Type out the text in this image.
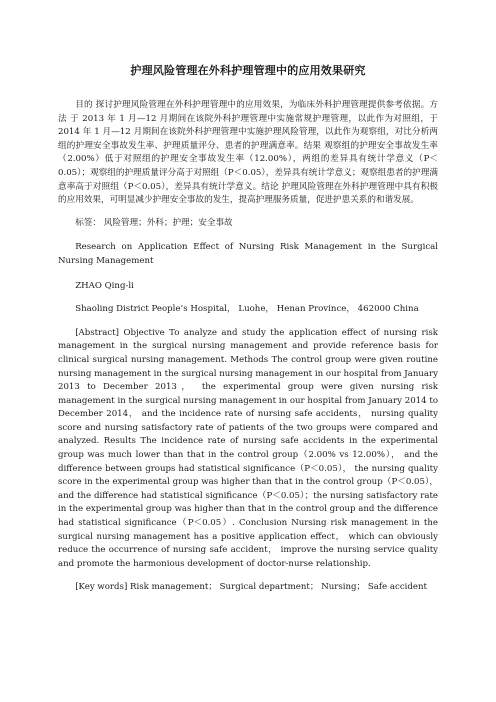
护理风险管理在外科护理管理中的应用效果研究

目的 探讨护理风险管理在外科护理管理中的应用效果，为临床外科护理管理提供参考依据。方法 于 2013 年 1 月—12 月期间在该院外科护理管理中实施常规护理管理，以此作为对照组，于 2014 年 1 月—12 月期间在该院外科护理管理中实施护理风险管理，以此作为观察组，对比分析两组的护理安全事故发生率、护理质量评分、患者的护理满意率。结果 观察组的护理安全事故发生率（2.00%）低于对照组的护理安全事故发生率（12.00%），两组的差异具有统计学意义（P＜0.05）；观察组的护理质量评分高于对照组（P＜0.05），差异具有统计学意义；观察组患者的护理满意率高于对照组（P＜0.05），差异具有统计学意义。结论 护理风险管理在外科护理管理中具有积极的应用效果，可明显减少护理安全事故的发生，提高护理服务质量，促进护患关系的和谐发展。

标签： 风险管理；外科；护理；安全事故

Research on Application Effect of Nursing Risk Management in the Surgical Nursing Management

ZHAO Qing-li

Shaoling District People’s Hospital， Luohe， Henan Province， 462000 China

[Abstract] Objective To analyze and study the application effect of nursing risk management in the surgical nursing management and provide reference basis for clinical surgical nursing management. Methods The control group were given routine nursing management in the surgical nursing management in our hospital from January 2013 to December 2013， the experimental group were given nursing risk management in the surgical nursing management in our hospital from January 2014 to December 2014， and the incidence rate of nursing safe accidents， nursing quality score and nursing satisfactory rate of patients of the two groups were compared and analyzed. Results The incidence rate of nursing safe accidents in the experimental group was much lower than that in the control group（2.00% vs 12.00%）， and the difference between groups had statistical significance（P＜0.05）， the nursing quality score in the experimental group was higher than that in the control group（P＜0.05）， and the difference had statistical significance（P＜0.05）；the nursing satisfactory rate in the experimental group was higher than that in the control group and the difference had statistical significance（P＜0.05）. Conclusion Nursing risk management in the surgical nursing management has a positive application effect， which can obviously reduce the occurrence of nursing safe accident， improve the nursing service quality and promote the harmonious development of doctor-nurse relationship.

[Key words] Risk management； Surgical department； Nursing； Safe accident
